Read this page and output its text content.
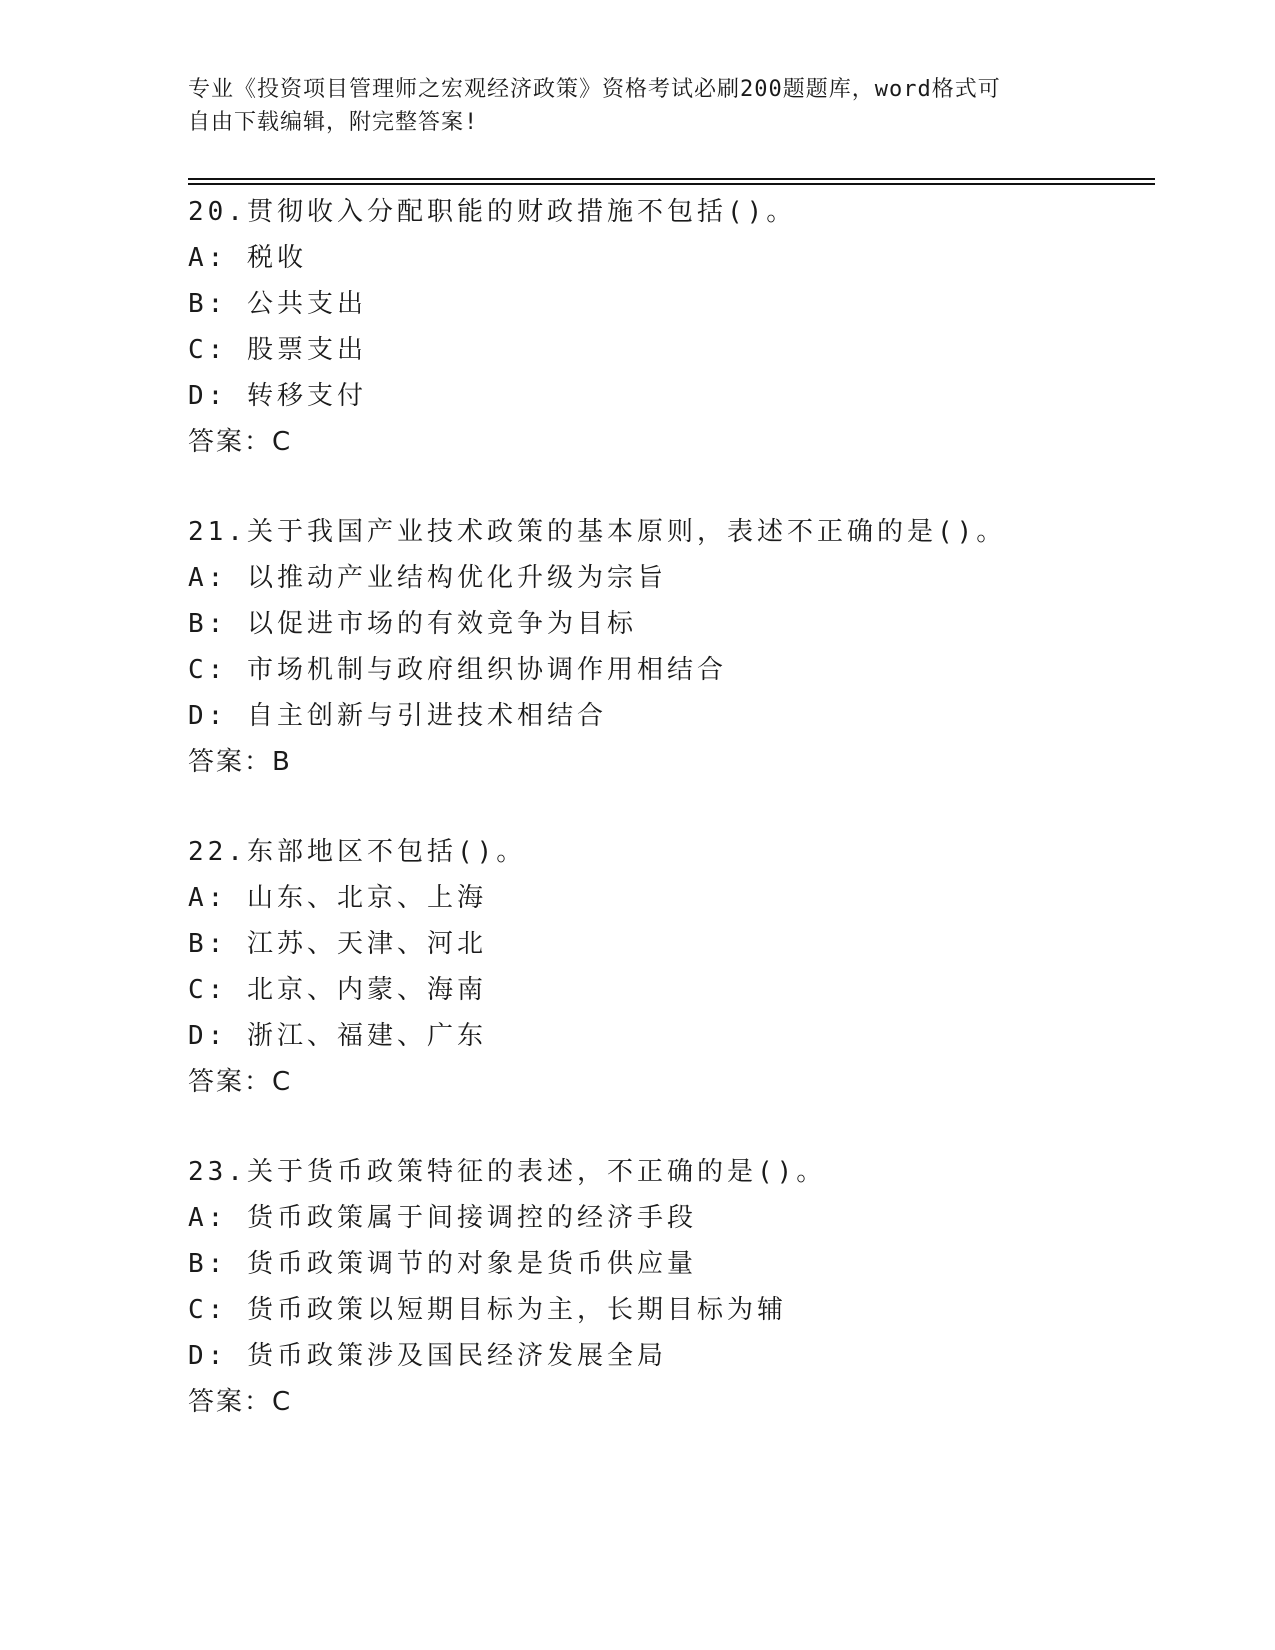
专业《投资项目管理师之宏观经济政策》资格考试必刷200题题库，word格式可
自由下载编辑，附完整答案!
20.贯彻收入分配职能的财政措施不包括()。
A: 税收
B: 公共支出
C: 股票支出
D: 转移支付
答案：C
21.关于我国产业技术政策的基本原则，表述不正确的是()。
A: 以推动产业结构优化升级为宗旨
B: 以促进市场的有效竞争为目标
C: 市场机制与政府组织协调作用相结合
D: 自主创新与引进技术相结合
答案：B
22.东部地区不包括()。
A: 山东、北京、上海
B: 江苏、天津、河北
C: 北京、内蒙、海南
D: 浙江、福建、广东
答案：C
23.关于货币政策特征的表述，不正确的是()。
A: 货币政策属于间接调控的经济手段
B: 货币政策调节的对象是货币供应量
C: 货币政策以短期目标为主，长期目标为辅
D: 货币政策涉及国民经济发展全局
答案：C
